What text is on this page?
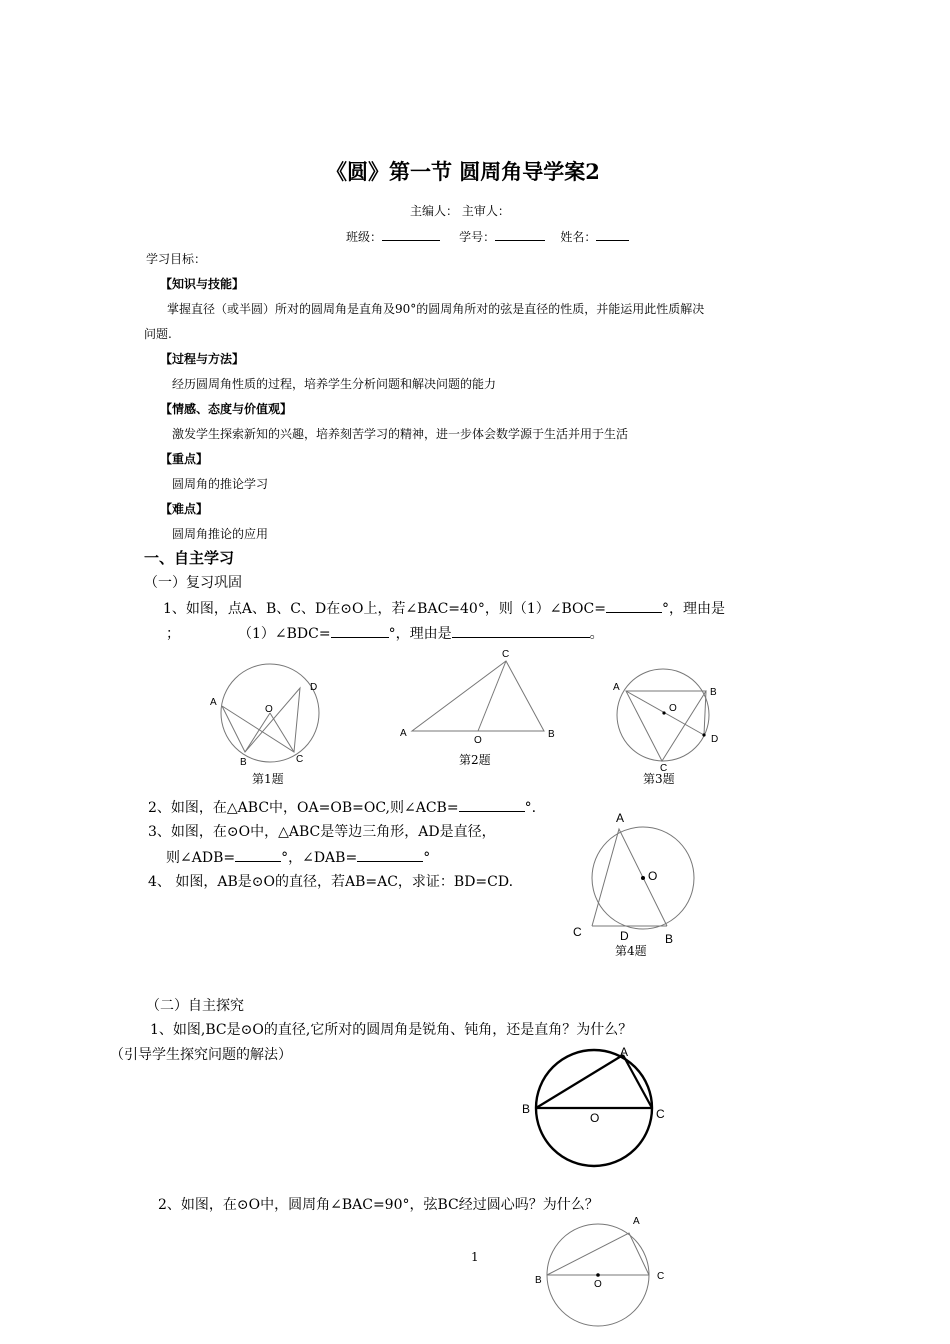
《圆》第一节 圆周角导学案2
主编人： 主审人：
班级：	学号：	姓名：
学习目标：
【知识与技能】
掌握直径（或半圆）所对的圆周角是直角及90°的圆周角所对的弦是直径的性质，并能运用此性质解决
问题.
【过程与方法】
经历圆周角性质的过程，培养学生分析问题和解决问题的能力
【情感、态度与价值观】
激发学生探索新知的兴趣，培养刻苦学习的精神，进一步体会数学源于生活并用于生活
【重点】
圆周角的推论学习
【难点】
圆周角推论的应用
一、自主学习
（一）复习巩固
1、如图，点A、B、C、D在⊙O上，若∠BAC=40°，则（1）∠BOC=	°，理由是
；	（1）∠BDC=	°，理由是	。
A
O
D
B	C
第1题
C
A	B
O
第2题
A	B
O
D
C
第3题
2、如图，在△ABC中，OA=OB=OC,则∠ACB=	°.
3、如图，在⊙O中，△ABC是等边三角形，AD是直径，
则∠ADB=	°，∠DAB=	°
4、 如图，AB是⊙O的直径，若AB=AC，求证：BD=CD.
A
O
C	D	B
第4题
（二）自主探究
1、如图,BC是⊙O的直径,它所对的圆周角是锐角、钝角，还是直角？为什么？
（引导学生探究问题的解法）	A
B
O	C
2、如图，在⊙O中，圆周角∠BAC=90°，弦BC经过圆心吗？为什么？
A
B	O
C
1
